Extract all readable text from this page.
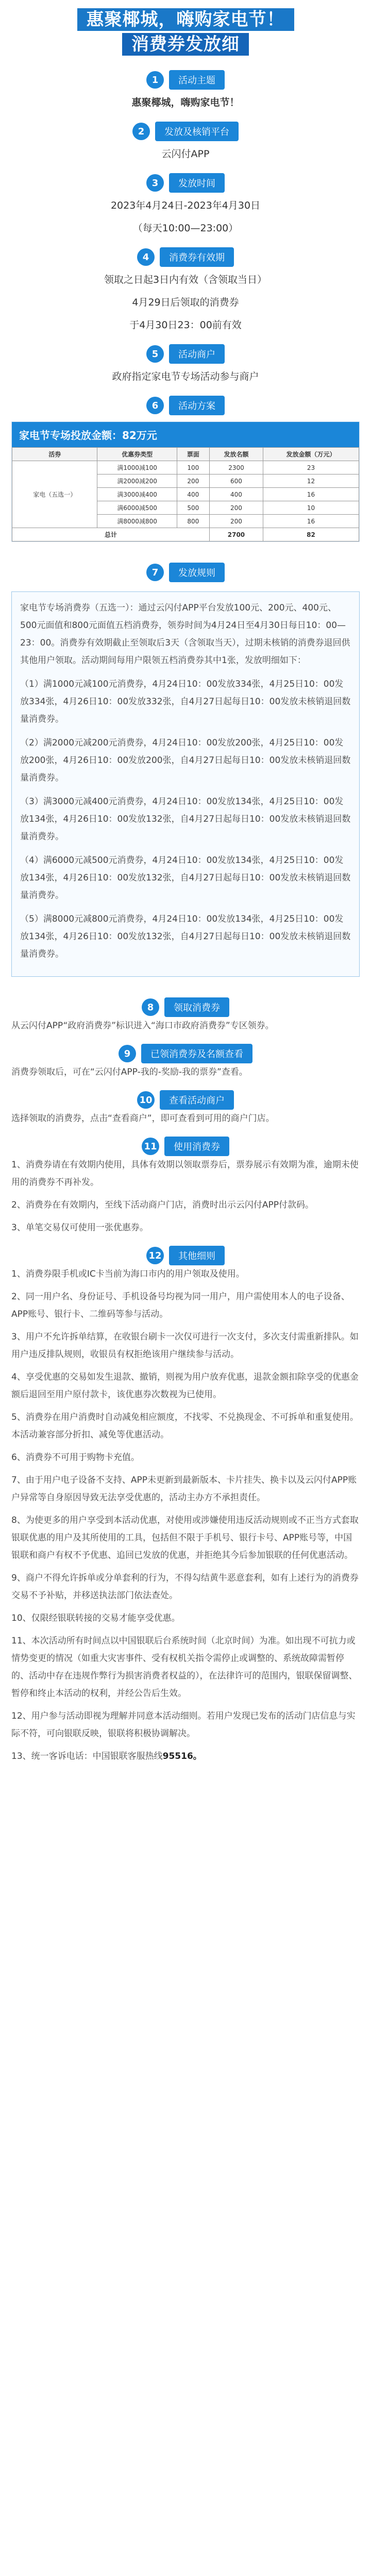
惠聚椰城，嗨购家电节！
消费券发放细
1	活动主题
惠聚椰城，嗨购家电节！
2	发放及核销平台
云闪付APP
3	发放时间
2023年4月24日-2023年4月30日
（每天10:00—23:00）
4	消费券有效期
领取之日起3日内有效（含领取当日）
4月29日后领取的消费券
于4月30日23：00前有效
5	活动商户
政府指定家电节专场活动参与商户
6	活动方案
家电节专场投放金额：82万元
活券	优惠券类型	票面	发放名额	发放金额（万元）
家电（五选一）	满1000减100	100	2300	23
	满2000减200	200	600	12
	满3000减400	400	400	16
	满6000减500	500	200	10
	满8000减800	800	200	16
总计			2700	82
7	发放规则

家电节专场消费券（五选一）：通过云闪付APP平台发放100元、200元、400元、500元面值和800元面值五档消费券，领券时间为4月24日至4月30日每日10：00—23：00。消费券有效期截止至领取后3天（含领取当天），过期未核销的消费券退回供其他用户领取。活动期间每用户限领五档消费券其中1张，发放明细如下：

（1）满1000元减100元消费券，4月24日10：00发放334张，4月25日10：00发放334张，4月26日10：00发放332张，自4月27日起每日10：00发放未核销退回数量消费券。

（2）满2000元减200元消费券，4月24日10：00发放200张，4月25日10：00发放200张，4月26日10：00发放200张，自4月27日起每日10：00发放未核销退回数量消费券。

（3）满3000元减400元消费券，4月24日10：00发放134张，4月25日10：00发放134张，4月26日10：00发放132张，自4月27日起每日10：00发放未核销退回数量消费券。

（4）满6000元减500元消费券，4月24日10：00发放134张，4月25日10：00发放134张，4月26日10：00发放132张，自4月27日起每日10：00发放未核销退回数量消费券。

（5）满8000元减800元消费券，4月24日10：00发放134张，4月25日10：00发放134张，4月26日10：00发放132张，自4月27日起每日10：00发放未核销退回数量消费券。

8	领取消费券

从云闪付APP“政府消费券”标识进入“海口市政府消费券”专区领券。

9	已领消费券及名额查看

消费券领取后，可在“云闪付APP-我的-奖励-我的票券”查看。

10	查看活动商户

选择领取的消费券，点击“查看商户”，即可查看到可用的商户门店。

11	使用消费券

1、消费券请在有效期内使用，具体有效期以领取票券后，票券展示有效期为准，逾期未使用的消费券不再补发。

2、消费券在有效期内，至线下活动商户门店，消费时出示云闪付APP付款码。

3、单笔交易仅可使用一张优惠券。

12	其他细则

1、消费券限手机或IC卡当前为海口市内的用户领取及使用。

2、同一用户名、身份证号、手机设备号均视为同一用户，用户需使用本人的电子设备、APP账号、银行卡、二维码等参与活动。

3、用户不允许拆单结算，在收银台刷卡一次仅可进行一次支付，多次支付需重新排队。如用户违反排队规则，收银员有权拒绝该用户继续参与活动。

4、享受优惠的交易如发生退款、撤销，则视为用户放弃优惠，退款金额扣除享受的优惠金额后退回至用户原付款卡，该优惠券次数视为已使用。

5、消费券在用户消费时自动减免相应额度，不找零、不兑换现金、不可拆单和重复使用。本活动兼容部分折扣、减免等优惠活动。

6、消费券不可用于购物卡充值。

7、由于用户电子设备不支持、APP未更新到最新版本、卡片挂失、换卡以及云闪付APP账户异常等自身原因导致无法享受优惠的，活动主办方不承担责任。

8、为使更多的用户享受到本活动优惠，对使用或涉嫌使用违反活动规则或不正当方式套取银联优惠的用户及其所使用的工具，包括但不限于手机号、银行卡号、APP账号等，中国银联和商户有权不予优惠、追回已发放的优惠，并拒绝其今后参加银联的任何优惠活动。

9、商户不得允许拆单或分单套利的行为，不得勾结黄牛恶意套利，如有上述行为的消费券交易不予补贴，并移送执法部门依法查处。

10、仅限经银联转接的交易才能享受优惠。

11、本次活动所有时间点以中国银联后台系统时间（北京时间）为准。如出现不可抗力或情势变更的情况（如重大灾害事件、受有权机关指令需停止或调整的、系统故障需暂停的、活动中存在违规作弊行为损害消费者权益的），在法律许可的范围内，银联保留调整、暂停和终止本活动的权利，并经公告后生效。

12、用户参与活动即视为理解并同意本活动细则。若用户发现已发布的活动门店信息与实际不符，可向银联反映，银联将积极协调解决。

13、统一客诉电话：中国银联客服热线95516。
